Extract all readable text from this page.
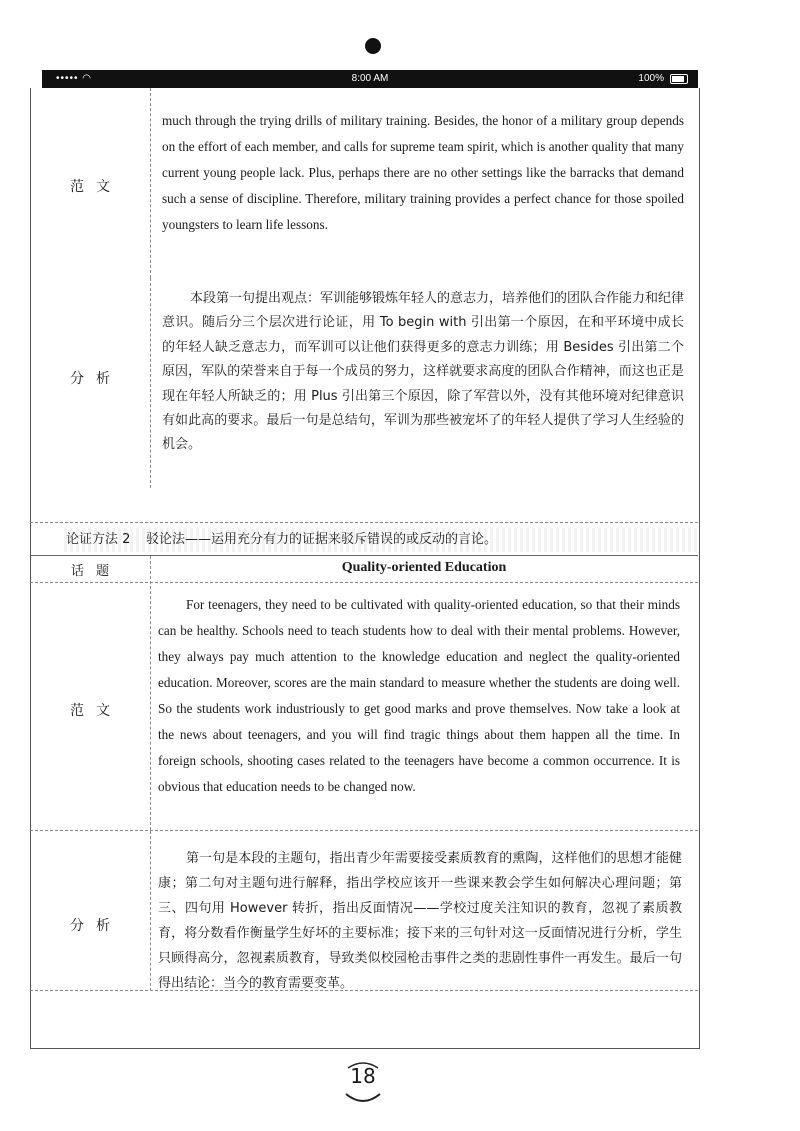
••••• ◠	8:00 AM	100%
范文
much through the trying drills of military training. Besides, the honor of a military group depends on the effort of each member, and calls for supreme team spirit, which is another quality that many current young people lack. Plus, perhaps there are no other settings like the barracks that demand such a sense of discipline. Therefore, military training provides a perfect chance for those spoiled youngsters to learn life lessons.
分析
本段第一句提出观点：军训能够锻炼年轻人的意志力，培养他们的团队合作能力和纪律意识。随后分三个层次进行论证，用 To begin with 引出第一个原因，在和平环境中成长的年轻人缺乏意志力，而军训可以让他们获得更多的意志力训练；用 Besides 引出第二个原因，军队的荣誉来自于每一个成员的努力，这样就要求高度的团队合作精神，而这也正是现在年轻人所缺乏的；用 Plus 引出第三个原因，除了军营以外，没有其他环境对纪律意识有如此高的要求。最后一句是总结句，军训为那些被宠坏了的年轻人提供了学习人生经验的机会。
论证方法 2 驳论法——运用充分有力的证据来驳斥错误的或反动的言论。
话题	Quality-oriented Education
范文
For teenagers, they need to be cultivated with quality-oriented education, so that their minds can be healthy. Schools need to teach students how to deal with their mental problems. However, they always pay much attention to the knowledge education and neglect the quality-oriented education. Moreover, scores are the main standard to measure whether the students are doing well. So the students work industriously to get good marks and prove themselves. Now take a look at the news about teenagers, and you will find tragic things about them happen all the time. In foreign schools, shooting cases related to the teenagers have become a common occurrence. It is obvious that education needs to be changed now.
分析
第一句是本段的主题句，指出青少年需要接受素质教育的熏陶，这样他们的思想才能健康；第二句对主题句进行解释，指出学校应该开一些课来教会学生如何解决心理问题；第三、四句用 However 转折，指出反面情况——学校过度关注知识的教育，忽视了素质教育，将分数看作衡量学生好坏的主要标准；接下来的三句针对这一反面情况进行分析，学生只顾得高分，忽视素质教育，导致类似校园枪击事件之类的悲剧性事件一再发生。最后一句得出结论：当今的教育需要变革。
18
